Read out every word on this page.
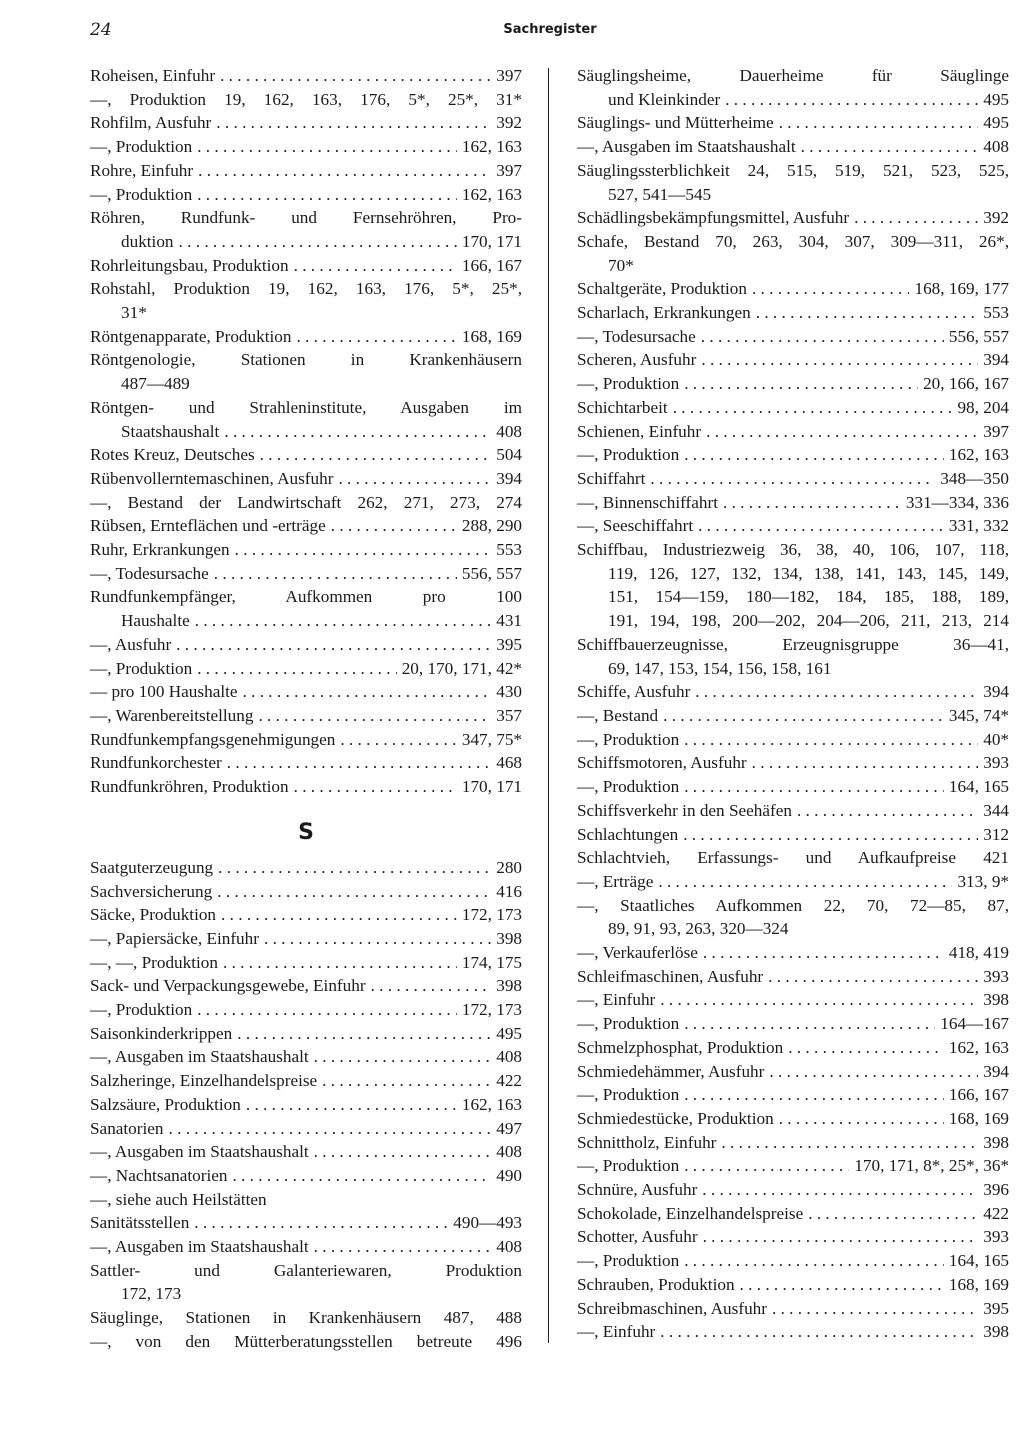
24	Sachregister
Roheisen, Einfuhr . . .	397
—, Produktion 19, 162, 163, 176, 5*, 25*, 31*
Rohfilm, Ausfuhr . . .	392
—, Produktion . . .	162, 163
Rohre, Einfuhr . . .	397
—, Produktion . . .	162, 163
Röhren, Rundfunk- und Fernsehröhren, Pro-
duktion . . .	170, 171
Rohrleitungsbau, Produktion . . .	166, 167
Rohstahl, Produktion 19, 162, 163, 176, 5*, 25*,
31*
Röntgenapparate, Produktion . . .	168, 169
Röntgenologie, Stationen in Krankenhäusern
487—489
Röntgen- und Strahleninstitute, Ausgaben im
Staatshaushalt . . .	408
Rotes Kreuz, Deutsches . . .	504
Rübenvollerntemaschinen, Ausfuhr . . .	394
—, Bestand der Landwirtschaft 262, 271, 273, 274
Rübsen, Ernteflächen und -erträge . . .	288, 290
Ruhr, Erkrankungen . . .	553
—, Todesursache . . .	556, 557
Rundfunkempfänger, Aufkommen pro 100
Haushalte . . .	431
—, Ausfuhr . . .	395
—, Produktion . . .	20, 170, 171, 42*
— pro 100 Haushalte . . .	430
—, Warenbereitstellung . . .	357
Rundfunkempfangsgenehmigungen . . .	347, 75*
Rundfunkorchester . . .	468
Rundfunkröhren, Produktion . . .	170, 171
S
Saatguterzeugung . . .	280
Sachversicherung . . .	416
Säcke, Produktion . . .	172, 173
—, Papiersäcke, Einfuhr . . .	398
—, —, Produktion . . .	174, 175
Sack- und Verpackungsgewebe, Einfuhr . . .	398
—, Produktion . . .	172, 173
Saisonkinderkrippen . . .	495
—, Ausgaben im Staatshaushalt . . .	408
Salzheringe, Einzelhandelspreise . . .	422
Salzsäure, Produktion . . .	162, 163
Sanatorien . . .	497
—, Ausgaben im Staatshaushalt . . .	408
—, Nachtsanatorien . . .	490
—, siehe auch Heilstätten
Sanitätsstellen . . .	490—493
—, Ausgaben im Staatshaushalt . . .	408
Sattler- und Galanteriewaren, Produktion
172, 173
Säuglinge, Stationen in Krankenhäusern 487, 488
—, von den Mütterberatungsstellen betreute 496
Säuglingsheime, Dauerheime für Säuglinge
und Kleinkinder . . .	495
Säuglings- und Mütterheime . . .	495
—, Ausgaben im Staatshaushalt . . .	408
Säuglingssterblichkeit 24, 515, 519, 521, 523, 525,
527, 541—545
Schädlingsbekämpfungsmittel, Ausfuhr . . .	392
Schafe, Bestand 70, 263, 304, 307, 309—311, 26*,
70*
Schaltgeräte, Produktion . . .	168, 169, 177
Scharlach, Erkrankungen . . .	553
—, Todesursache . . .	556, 557
Scheren, Ausfuhr . . .	394
—, Produktion . . .	20, 166, 167
Schichtarbeit . . .	98, 204
Schienen, Einfuhr . . .	397
—, Produktion . . .	162, 163
Schiffahrt . . .	348—350
—, Binnenschiffahrt . . .	331—334, 336
—, Seeschiffahrt . . .	331, 332
Schiffbau, Industriezweig 36, 38, 40, 106, 107, 118,
119, 126, 127, 132, 134, 138, 141, 143, 145, 149,
151, 154—159, 180—182, 184, 185, 188, 189,
191, 194, 198, 200—202, 204—206, 211, 213, 214
Schiffbauerzeugnisse, Erzeugnisgruppe 36—41,
69, 147, 153, 154, 156, 158, 161
Schiffe, Ausfuhr . . .	394
—, Bestand . . .	345, 74*
—, Produktion . . .	40*
Schiffsmotoren, Ausfuhr . . .	393
—, Produktion . . .	164, 165
Schiffsverkehr in den Seehäfen . . .	344
Schlachtungen . . .	312
Schlachtvieh, Erfassungs- und Aufkaufpreise 421
—, Erträge . . .	313, 9*
—, Staatliches Aufkommen 22, 70, 72—85, 87,
89, 91, 93, 263, 320—324
—, Verkauferlöse . . .	418, 419
Schleifmaschinen, Ausfuhr . . .	393
—, Einfuhr . . .	398
—, Produktion . . .	164—167
Schmelzphosphat, Produktion . . .	162, 163
Schmiedehämmer, Ausfuhr . . .	394
—, Produktion . . .	166, 167
Schmiedestücke, Produktion . . .	168, 169
Schnittholz, Einfuhr . . .	398
—, Produktion . . .	170, 171, 8*, 25*, 36*
Schnüre, Ausfuhr . . .	396
Schokolade, Einzelhandelspreise . . .	422
Schotter, Ausfuhr . . .	393
—, Produktion . . .	164, 165
Schrauben, Produktion . . .	168, 169
Schreibmaschinen, Ausfuhr . . .	395
—, Einfuhr . . .	398
